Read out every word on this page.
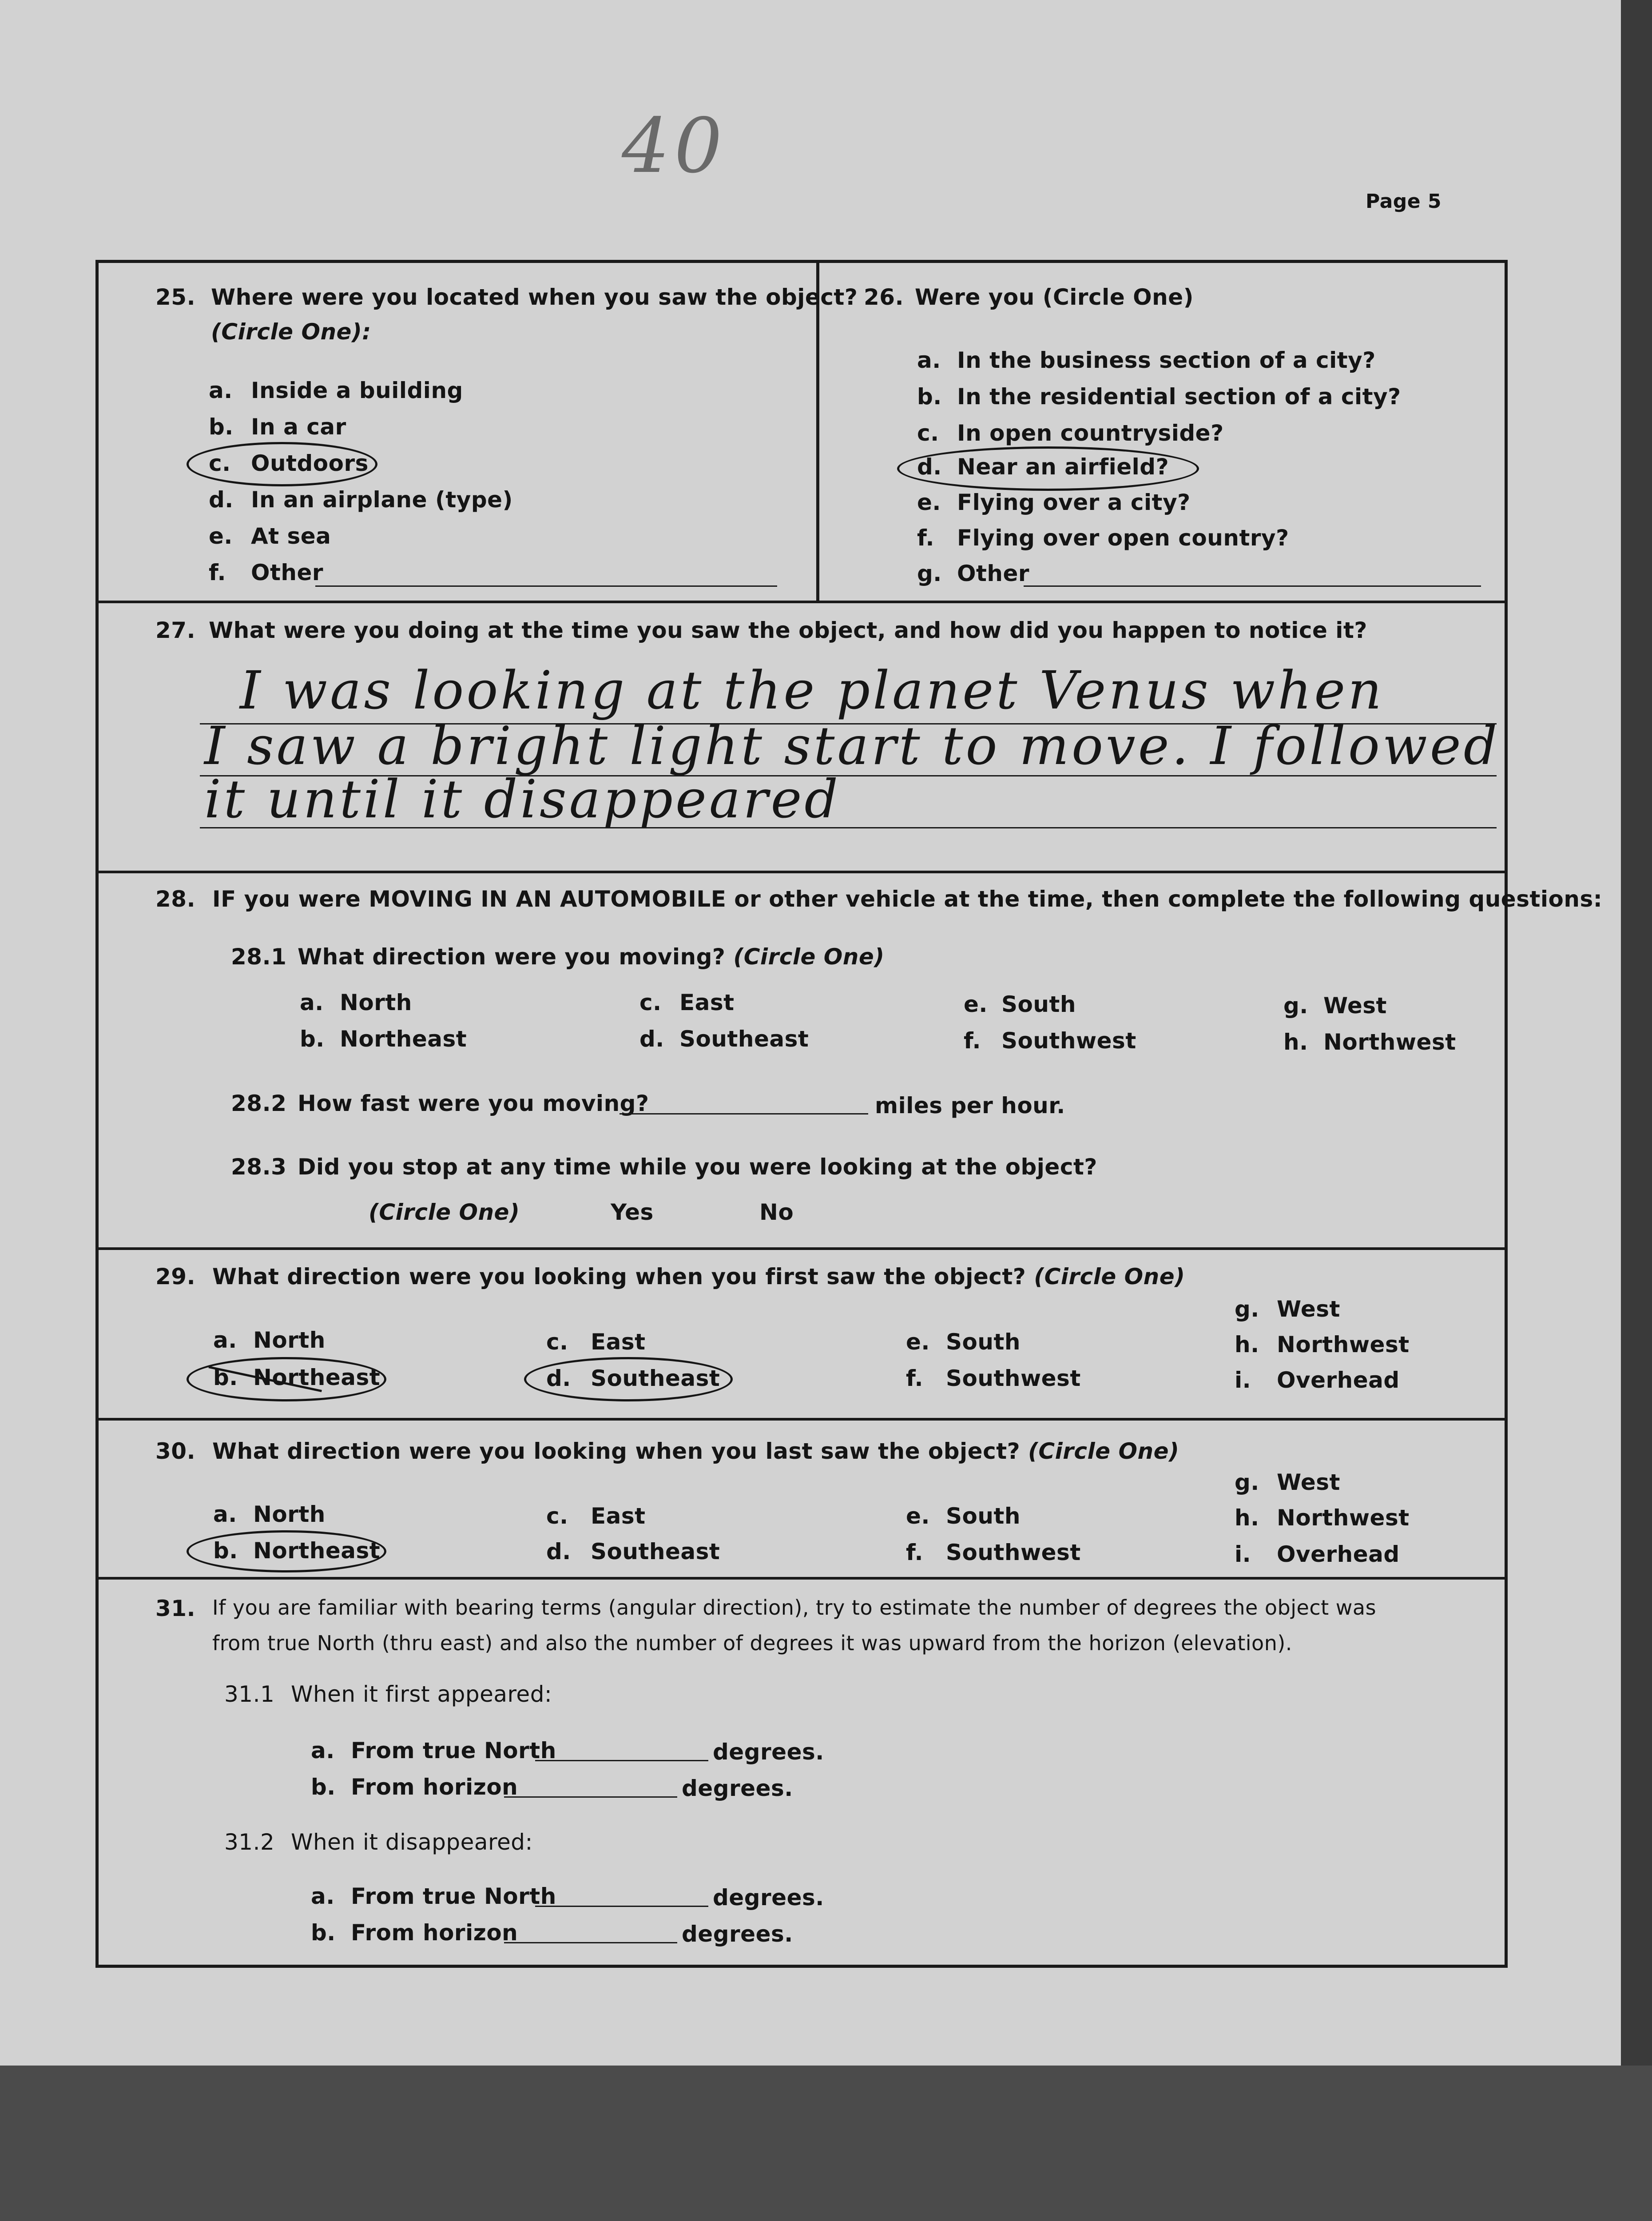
40
Page 5
25. Where were you located when you saw the object?
(Circle One):
a. Inside a building
b. In a car
c. Outdoors
d. In an airplane (type)
e. At sea
f. Other
26. Were you (Circle One)
a. In the business section of a city?
b. In the residential section of a city?
c. In open countryside?
d. Near an airfield?
e. Flying over a city?
f. Flying over open country?
g. Other
27. What were you doing at the time you saw the object, and how did you happen to notice it?
I was looking at the planet Venus when
I saw a bright light start to move. I followed
it until it disappeared
28. IF you were MOVING IN AN AUTOMOBILE or other vehicle at the time, then complete the following questions:
28.1 What direction were you moving? (Circle One)
a. North
b. Northeast
c. East
d. Southeast
e. South
f. Southwest
g. West
h. Northwest
28.2 How fast were you moving?	miles per hour.
28.3 Did you stop at any time while you were looking at the object?
(Circle One)	Yes	No
29. What direction were you looking when you first saw the object? (Circle One)
a. North
b. Northeast
c. East
d. Southeast
e. South
f. Southwest
g. West
h. Northwest
i. Overhead
30. What direction were you looking when you last saw the object? (Circle One)
a. North
b. Northeast
c. East
d. Southeast
e. South
f. Southwest
g. West
h. Northwest
i. Overhead
31. If you are familiar with bearing terms (angular direction), try to estimate the number of degrees the object was
from true North (thru east) and also the number of degrees it was upward from the horizon (elevation).
31.1 When it first appeared:
a. From true North	degrees.
b. From horizon	degrees.
31.2 When it disappeared:
a. From true North	degrees.
b. From horizon	degrees.
